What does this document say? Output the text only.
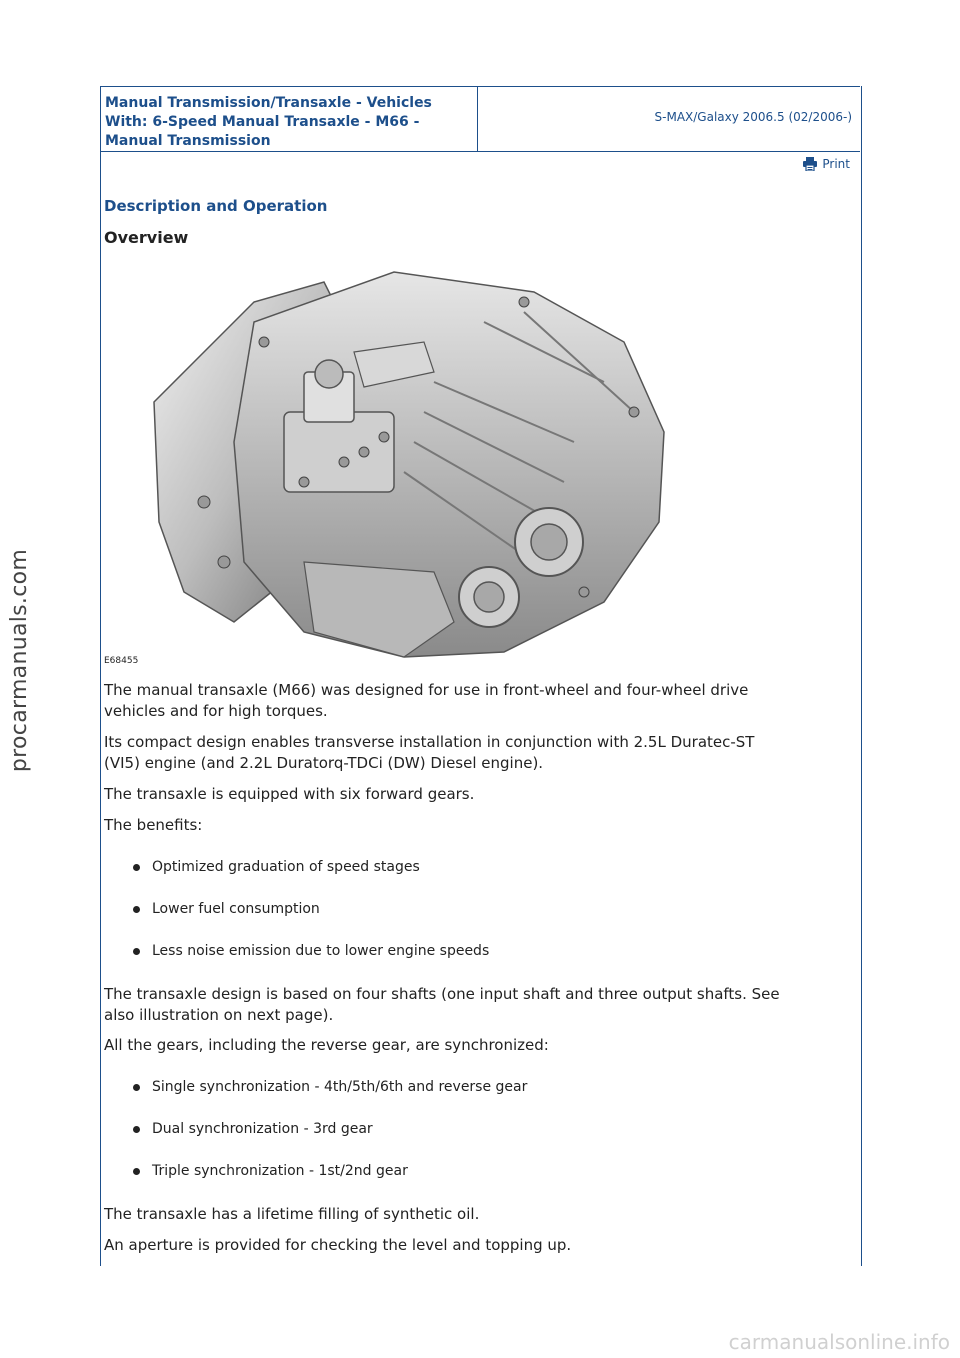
procarmanuals.com
Manual Transmission/Transaxle - Vehicles
With: 6-Speed Manual Transaxle - M66 -
Manual Transmission
S-MAX/Galaxy 2006.5 (02/2006-)
Print
Description and Operation
Overview
E68455
The manual transaxle (M66) was designed for use in front-wheel and four-wheel drive
vehicles and for high torques.
Its compact design enables transverse installation in conjunction with 2.5L Duratec-ST
(VI5) engine (and 2.2L Duratorq-TDCi (DW) Diesel engine).
The transaxle is equipped with six forward gears.
The benefits:
Optimized graduation of speed stages
Lower fuel consumption
Less noise emission due to lower engine speeds
The transaxle design is based on four shafts (one input shaft and three output shafts. See
also illustration on next page).
All the gears, including the reverse gear, are synchronized:
Single synchronization - 4th/5th/6th and reverse gear
Dual synchronization - 3rd gear
Triple synchronization - 1st/2nd gear
The transaxle has a lifetime filling of synthetic oil.
An aperture is provided for checking the level and topping up.
carmanualsonline.info
